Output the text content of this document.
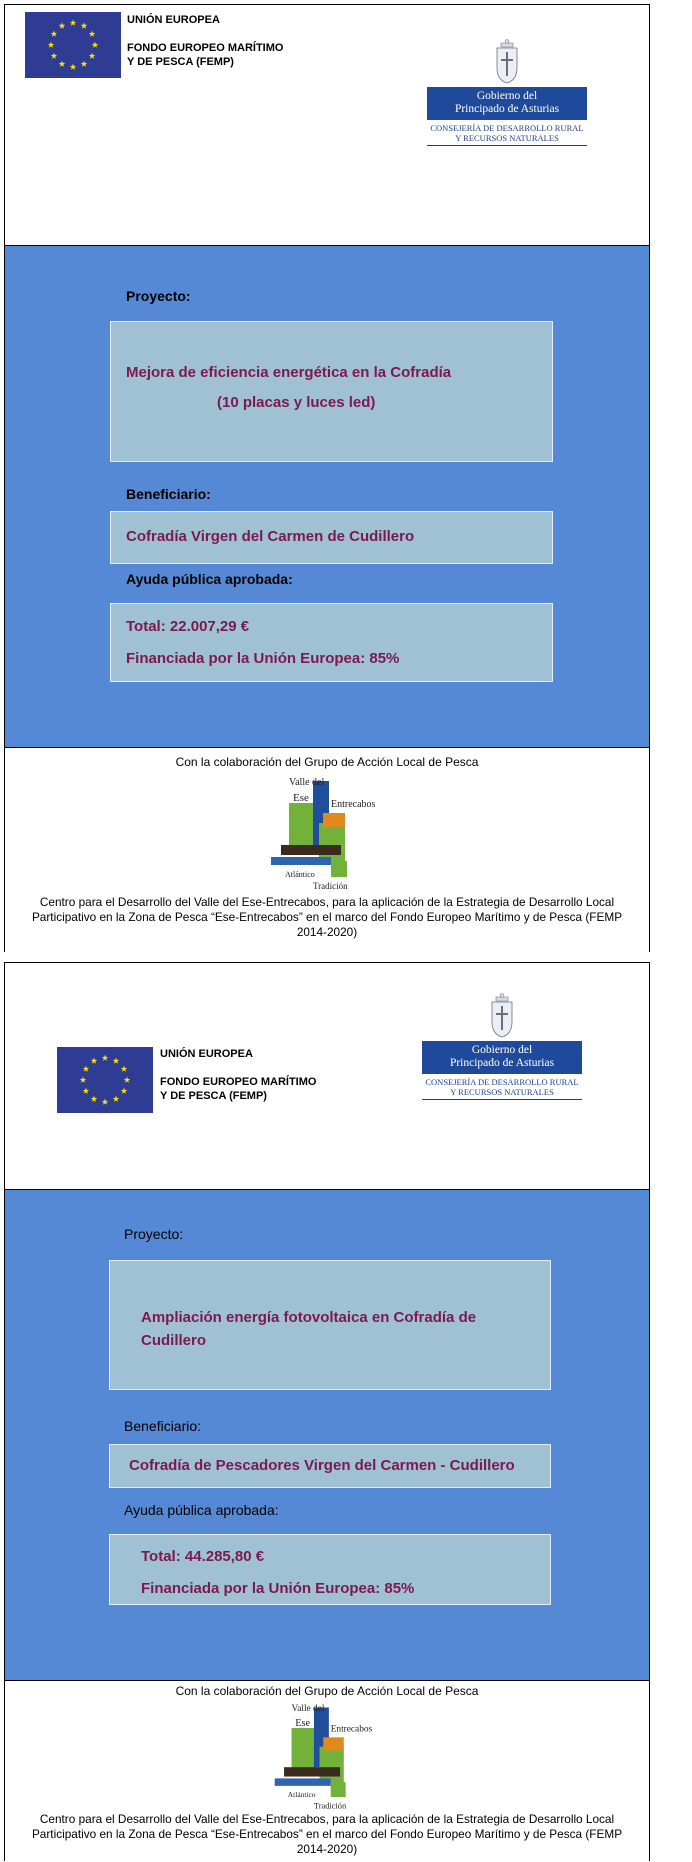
UNIÓN EUROPEA
FONDO EUROPEO MARÍTIMO
Y DE PESCA (FEMP)
Gobierno del
Principado de Asturias
CONSEJERÍA DE DESARROLLO RURAL
Y RECURSOS NATURALES
Proyecto:
Mejora de eficiencia energética en la Cofradía
(10 placas y luces led)
Beneficiario:
Cofradía Virgen del Carmen de Cudillero
Ayuda pública aprobada:
Total: 22.007,29 €
Financiada por la Unión Europea: 85%
Con la colaboración del Grupo de Acción Local de Pesca
Valle del
Ese
Entrecabos
Atlántico
Tradición
Centro para el Desarrollo del Valle del Ese-Entrecabos, para la aplicación de la Estrategia de Desarrollo Local Participativo en la Zona de Pesca “Ese-Entrecabos” en el marco del Fondo Europeo Marítimo y de Pesca (FEMP 2014-2020)
UNIÓN EUROPEA
FONDO EUROPEO MARÍTIMO
Y DE PESCA (FEMP)
Gobierno del
Principado de Asturias
CONSEJERÍA DE DESARROLLO RURAL
Y RECURSOS NATURALES
Proyecto:
Ampliación energía fotovoltaica en Cofradía de
Cudillero
Beneficiario:
Cofradía de Pescadores Virgen del Carmen - Cudillero
Ayuda pública aprobada:
Total: 44.285,80 €
Financiada por la Unión Europea: 85%
Con la colaboración del Grupo de Acción Local de Pesca
Valle del
Ese
Entrecabos
Atlántico
Tradición
Centro para el Desarrollo del Valle del Ese-Entrecabos, para la aplicación de la Estrategia de Desarrollo Local Participativo en la Zona de Pesca “Ese-Entrecabos” en el marco del Fondo Europeo Marítimo y de Pesca (FEMP 2014-2020)
